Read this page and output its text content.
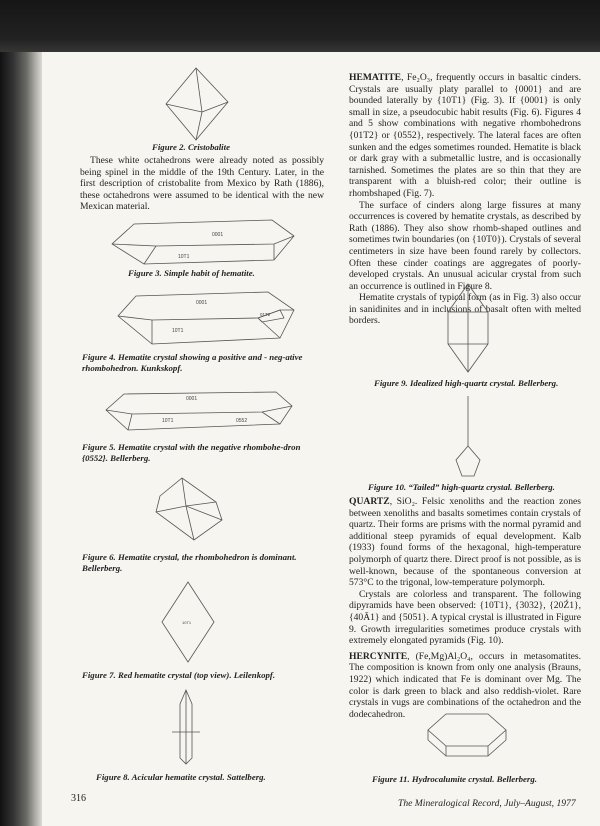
Figure 2. Cristobalite

These white octahedrons were already noted as possibly being spinel in the middle of the 19th Century. Later, in the first description of cristobalite from Mexico by Rath (1886), these octahedrons were assumed to be identical with the new Mexican material.

0001
10T1
Figure 3. Simple habit of hematite.
0001
10T1
01T2
Figure 4. Hematite crystal showing a positive and - neg-ative rhombohedron. Kunkskopf.
0001
10T1	0552
Figure 5. Hematite crystal with the negative rhombohe-dron {0552}. Bellerberg.
Figure 6. Hematite crystal, the rhombohedron is dominant. Bellerberg.
10T1
Figure 7. Red hematite crystal (top view). Leilenkopf.
Figure 8. Acicular hematite crystal. Sattelberg.
316

HEMATITE, Fe₂O₃, frequently occurs in basaltic cinders. Crystals are usually platy parallel to {0001} and are bounded laterally by {10T1} (Fig. 3). If {0001} is only small in size, a pseudocubic habit results (Fig. 6). Figures 4 and 5 show combinations with negative rhombohedrons {01T2} or {0552}, respectively. The lateral faces are often sunken and the edges sometimes rounded. Hematite is black or dark gray with a submetallic lustre, and is occasionally tarnished. Sometimes the plates are so thin that they are transparent with a bluish-red color; their outline is rhombshaped (Fig. 7).

The surface of cinders along large fissures at many occurrences is covered by hematite crystals, as described by Rath (1886). They also show rhomb-shaped outlines and sometimes twin boundaries (on {10T0}). Crystals of several centimeters in size have been found rarely by collectors. Often these cinder coatings are aggregates of poorly-developed crystals. An unusual acicular crystal from such an occurrence is outlined in Figure 8.

Hematite crystals of typical form (as in Fig. 3) also occur in sanidinites and in inclusions of basalt often with melted borders.

Figure 9. Idealized high-quartz crystal. Bellerberg.
Figure 10. “Tailed” high-quartz crystal. Bellerberg.

QUARTZ, SiO₂. Felsic xenoliths and the reaction zones between xenoliths and basalts sometimes contain crystals of quartz. Their forms are prisms with the normal pyramid and additional steep pyramids of equal development. Kalb (1933) found forms of the hexagonal, high-temperature polymorph of quartz there. Direct proof is not possible, as is well-known, because of the spontaneous conversion at 573°C to the trigonal, low-temperature polymorph.

Crystals are colorless and transparent. The following dipyramids have been observed: {10T1}, {3032}, {20Ź1}, {40Ā1} and {5051}. A typical crystal is illustrated in Figure 9. Growth irregularities sometimes produce crystals with extremely elongated pyramids (Fig. 10).

HERCYNITE, (Fe,Mg)Al₂O₄, occurs in metasomatites. The composition is known from only one analysis (Brauns, 1922) which indicated that Fe is dominant over Mg. The color is dark green to black and also reddish-violet. Rare crystals in vugs are combinations of the octahedron and the dodecahedron.

Figure 11. Hydrocalumite crystal. Bellerberg.
The Mineralogical Record, July–August, 1977
